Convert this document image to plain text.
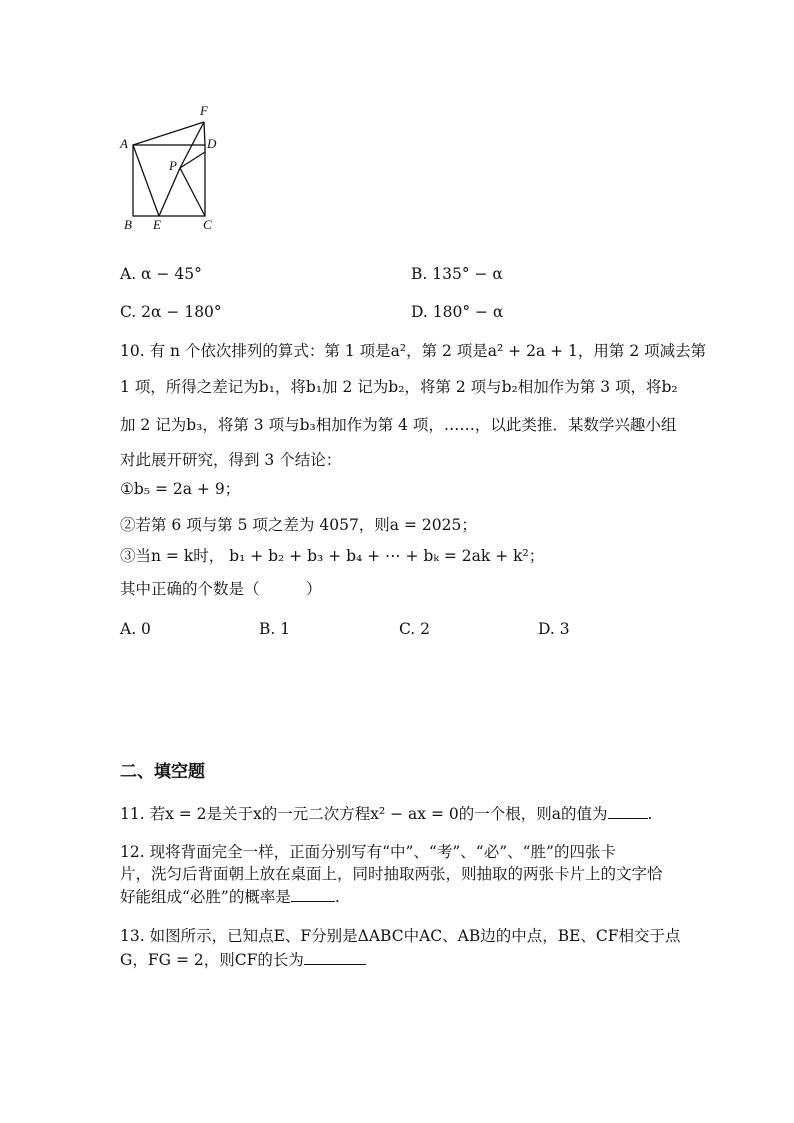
F
A	D
P
B E	C
A. α − 45°	B. 135° − α
C. 2α − 180°	D. 180° − α
10. 有 n 个依次排列的算式：第 1 项是a²，第 2 项是a² + 2a + 1，用第 2 项减去第
1 项，所得之差记为b₁，将b₁加 2 记为b₂，将第 2 项与b₂相加作为第 3 项，将b₂
加 2 记为b₃，将第 3 项与b₃相加作为第 4 项，……，以此类推．某数学兴趣小组
对此展开研究，得到 3 个结论：
①b₅ = 2a + 9；
②若第 6 项与第 5 项之差为 4057，则a = 2025；
③当n = k时， b₁ + b₂ + b₃ + b₄ + ⋯ + bₖ = 2ak + k²；
其中正确的个数是（　　　）
A. 0	B. 1	C. 2	D. 3
二、填空题
11. 若x = 2是关于x的一元二次方程x² − ax = 0的一个根，则a的值为	.
12. 现将背面完全一样，正面分别写有“中”、“考”、“必”、“胜”的四张卡
片，洗匀后背面朝上放在桌面上，同时抽取两张，则抽取的两张卡片上的文字恰
好能组成“必胜”的概率是	.
13. 如图所示，已知点E、F分别是ΔABC中AC、AB边的中点，BE、CF相交于点
G，FG = 2，则CF的长为
